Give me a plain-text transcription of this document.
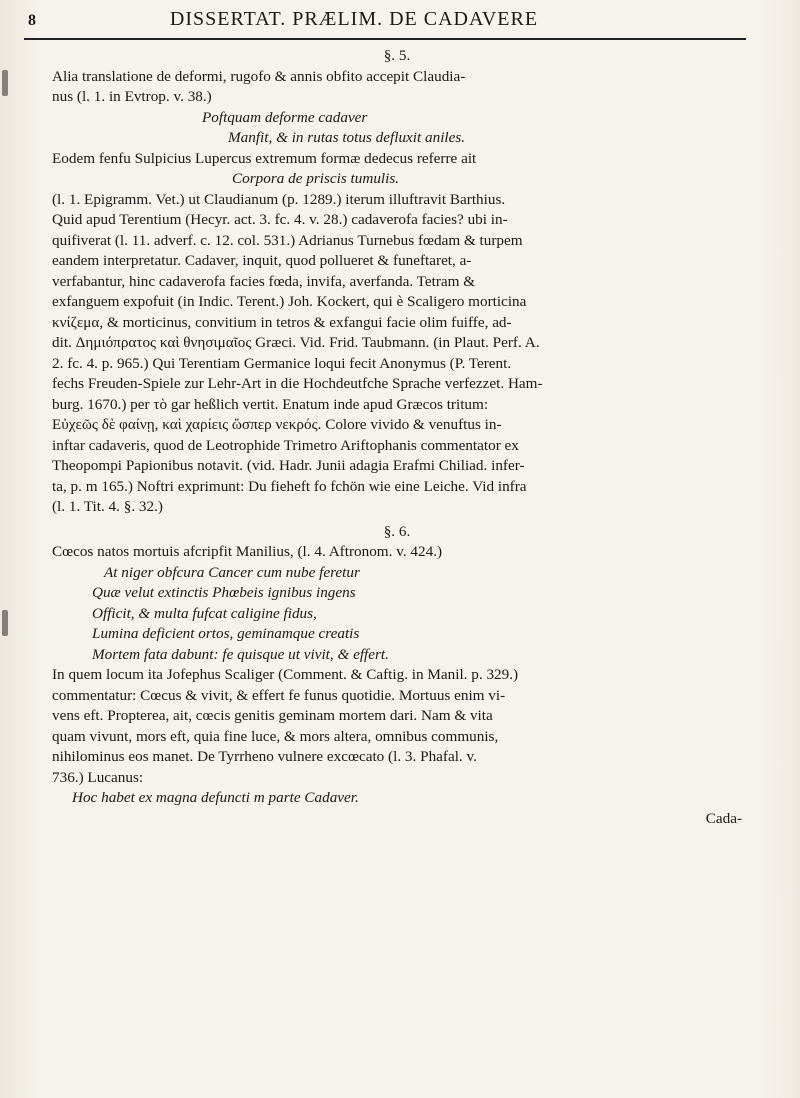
8	DISSERTAT. PRÆLIM. DE CADAVERE
§. 5.

Alia translatione de deformi, rugofo & annis obfito accepit Claudia-
nus (l. 1. in Evtrop. v. 38.)

Poftquam deforme cadaver
Manfit, & in rutas totus defluxit aniles.

Eodem fenfu Sulpicius Lupercus extremum formæ dedecus referre ait
Corpora de priscis tumulis.
(l. 1. Epigramm. Vet.) ut Claudianum (p. 1289.) iterum illuftravit Barthius.
Quid apud Terentium (Hecyr. act. 3. fc. 4. v. 28.) cadaverofa facies? ubi in-
quifiverat (l. 11. adverf. c. 12. col. 531.) Adrianus Turnebus fœdam & turpem
eandem interpretatur. Cadaver, inquit, quod pollueret & funeftaret, a-
verfabantur, hinc cadaverofa facies fœda, invifa, averfanda. Tetram &
exfanguem expofuit (in Indic. Terent.) Joh. Kockert, qui è Scaligero morticina
κνίζεμα, & morticinus, convitium in tetros & exfangui facie olim fuiffe, ad-
dit. Δημιόπρατος καὶ θνησιμαῖος Græci. Vid. Frid. Taubmann. (in Plaut. Perf. A.
2. fc. 4. p. 965.) Qui Terentiam Germanice loqui fecit Anonymus (P. Terent.
fechs Freuden-Spiele zur Lehr-Art in die Hochdeutfche Sprache verfezzet. Ham-
burg. 1670.) per τὸ gar heßlich vertit. Enatum inde apud Græcos tritum:
Εὐχεῶς δὲ φαίνῃ, καὶ χαρίεις ὥσπερ νεκρός. Colore vivido & venuftus in-
inftar cadaveris, quod de Leotrophide Trimetro Ariftophanis commentator ex
Theopompi Papionibus notavit. (vid. Hadr. Junii adagia Erafmi Chiliad. infer-
ta, p. m 165.) Noftri exprimunt: Du fieheft fo fchön wie eine Leiche. Vid infra
(l. 1. Tit. 4. §. 32.)

§. 6.

Cœcos natos mortuis afcripfit Manilius, (l. 4. Aftronom. v. 424.)

At niger obfcura Cancer cum nube feretur
Quæ velut extinctis Phœbeis ignibus ingens
Officit, & multa fufcat caligine fidus,
Lumina deficient ortos, geminamque creatis
Mortem fata dabunt: fe quisque ut vivit, & effert.

In quem locum ita Jofephus Scaliger (Comment. & Caftig. in Manil. p. 329.)
commentatur: Cœcus & vivit, & effert fe funus quotidie. Mortuus enim vi-
vens eft. Propterea, ait, cœcis genitis geminam mortem dari. Nam & vita
quam vivunt, mors eft, quia fine luce, & mors altera, omnibus communis,
nihilominus eos manet. De Tyrrheno vulnere excœcato (l. 3. Phafal. v.
736.) Lucanus:

Hoc habet ex magna defuncti m parte Cadaver.
Cada-
